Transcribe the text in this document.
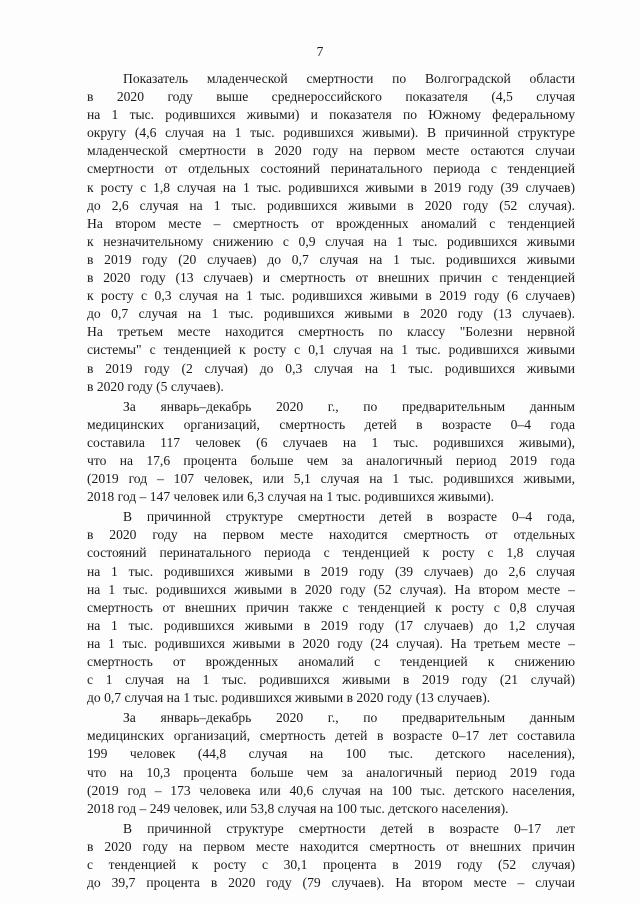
7

Показатель младенческой смертности по Волгоградской области
в 2020 году выше среднероссийского показателя (4,5 случая
на 1 тыс. родившихся живыми) и показателя по Южному федеральному
округу (4,6 случая на 1 тыс. родившихся живыми). В причинной структуре
младенческой смертности в 2020 году на первом месте остаются случаи
смертности от отдельных состояний перинатального периода с тенденцией
к росту с 1,8 случая на 1 тыс. родившихся живыми в 2019 году (39 случаев)
до 2,6 случая на 1 тыс. родившихся живыми в 2020 году (52 случая).
На втором месте – смертность от врожденных аномалий с тенденцией
к незначительному снижению с 0,9 случая на 1 тыс. родившихся живыми
в 2019 году (20 случаев) до 0,7 случая на 1 тыс. родившихся живыми
в 2020 году (13 случаев) и смертность от внешних причин с тенденцией
к росту с 0,3 случая на 1 тыс. родившихся живыми в 2019 году (6 случаев)
до 0,7 случая на 1 тыс. родившихся живыми в 2020 году (13 случаев).
На третьем месте находится смертность по классу "Болезни нервной
системы" с тенденцией к росту с 0,1 случая на 1 тыс. родившихся живыми
в 2019 году (2 случая) до 0,3 случая на 1 тыс. родившихся живыми
в 2020 году (5 случаев).

За январь–декабрь 2020 г., по предварительным данным
медицинских организаций, смертность детей в возрасте 0–4 года
составила 117 человек (6 случаев на 1 тыс. родившихся живыми),
что на 17,6 процента больше чем за аналогичный период 2019 года
(2019 год – 107 человек, или 5,1 случая на 1 тыс. родившихся живыми,
2018 год – 147 человек или 6,3 случая на 1 тыс. родившихся живыми).

В причинной структуре смертности детей в возрасте 0–4 года,
в 2020 году на первом месте находится смертность от отдельных
состояний перинатального периода с тенденцией к росту с 1,8 случая
на 1 тыс. родившихся живыми в 2019 году (39 случаев) до 2,6 случая
на 1 тыс. родившихся живыми в 2020 году (52 случая). На втором месте –
смертность от внешних причин также с тенденцией к росту с 0,8 случая
на 1 тыс. родившихся живыми в 2019 году (17 случаев) до 1,2 случая
на 1 тыс. родившихся живыми в 2020 году (24 случая). На третьем месте –
смертность от врожденных аномалий с тенденцией к снижению
с 1 случая на 1 тыс. родившихся живыми в 2019 году (21 случай)
до 0,7 случая на 1 тыс. родившихся живыми в 2020 году (13 случаев).

За январь–декабрь 2020 г., по предварительным данным
медицинских организаций, смертность детей в возрасте 0–17 лет составила
199 человек (44,8 случая на 100 тыс. детского населения),
что на 10,3 процента больше чем за аналогичный период 2019 года
(2019 год – 173 человека или 40,6 случая на 100 тыс. детского населения,
2018 год – 249 человек, или 53,8 случая на 100 тыс. детского населения).

В причинной структуре смертности детей в возрасте 0–17 лет
в 2020 году на первом месте находится смертность от внешних причин
с тенденцией к росту с 30,1 процента в 2019 году (52 случая)
до 39,7 процента в 2020 году (79 случаев). На втором месте – случаи
